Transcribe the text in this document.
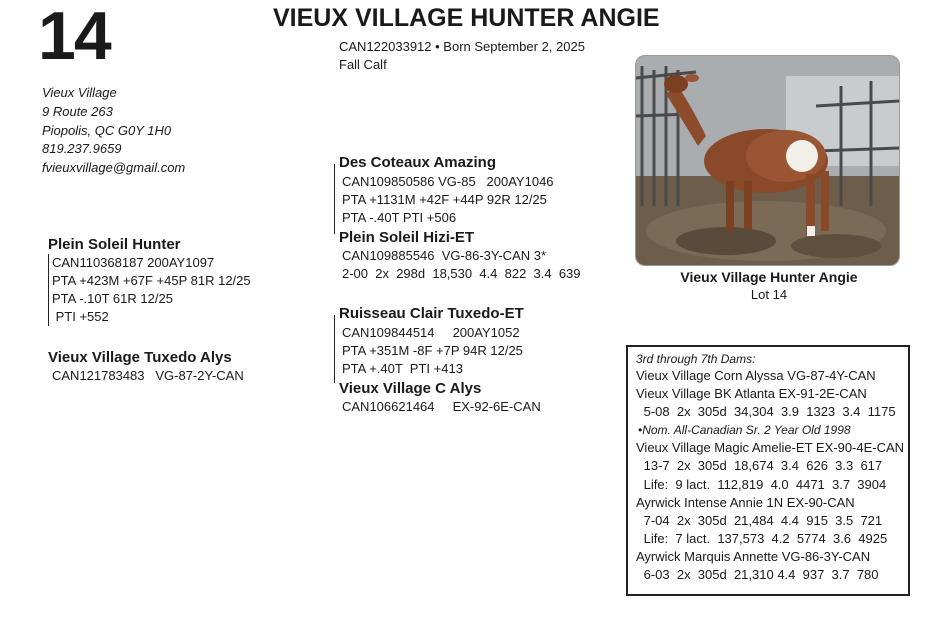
14	VIEUX VILLAGE HUNTER ANGIE
CAN122033912 • Born September 2, 2025
Fall Calf
Vieux Village
9 Route 263
Piopolis, QC G0Y 1H0
819.237.9659
fvieuxvillage@gmail.com
Plein Soleil Hunter
CAN110368187 200AY1097
PTA +423M +67F +45P 81R 12/25
PTA -.10T 61R 12/25
PTI +552
Vieux Village Tuxedo Alys
CAN121783483   VG-87-2Y-CAN
Des Coteaux Amazing
CAN109850586 VG-85   200AY1046
PTA +1131M +42F +44P 92R 12/25
PTA -.40T PTI +506
Plein Soleil Hizi-ET
CAN109885546  VG-86-3Y-CAN 3*
2-00  2x  298d  18,530  4.4  822  3.4  639
Ruisseau Clair Tuxedo-ET
CAN109844514     200AY1052
PTA +351M -8F +7P 94R 12/25
PTA +.40T  PTI +413
Vieux Village C Alys
CAN106621464     EX-92-6E-CAN
Vieux Village Hunter Angie
Lot 14
3rd through 7th Dams:
Vieux Village Corn Alyssa VG-87-4Y-CAN
Vieux Village BK Atlanta EX-91-2E-CAN
5-08  2x  305d  34,304  3.9  1323  3.4  1175
•Nom. All-Canadian Sr. 2 Year Old 1998
Vieux Village Magic Amelie-ET EX-90-4E-CAN
13-7  2x  305d  18,674  3.4  626  3.3  617
Life:  9 lact.  112,819  4.0  4471  3.7  3904
Ayrwick Intense Annie 1N EX-90-CAN
7-04  2x  305d  21,484  4.4  915  3.5  721
Life:  7 lact.  137,573  4.2  5774  3.6  4925
Ayrwick Marquis Annette VG-86-3Y-CAN
6-03  2x  305d  21,310 4.4  937  3.7  780
